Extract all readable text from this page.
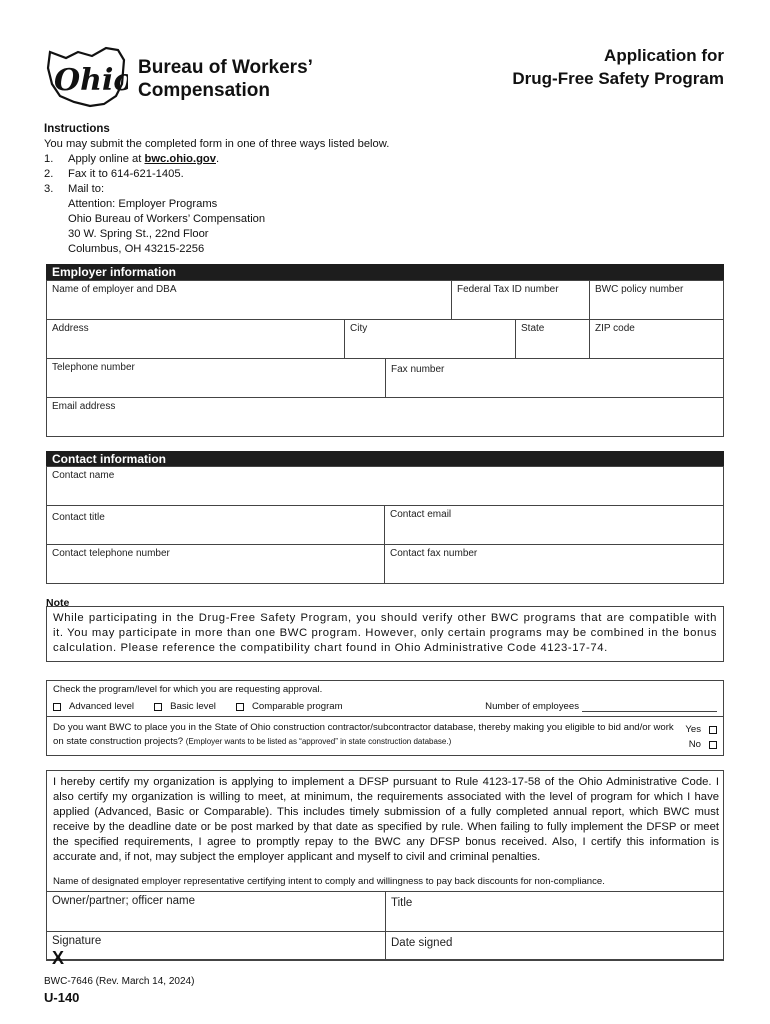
Ohio Bureau of Workers’
Compensation
Application for
Drug-Free Safety Program
Instructions

You may submit the completed form in one of three ways listed below.

1. Apply online at bwc.ohio.gov.
2. Fax it to 614-621-1405.
3. Mail to:
Attention: Employer Programs
Ohio Bureau of Workers’ Compensation
30 W. Spring St., 22nd Floor
Columbus, OH 43215-2256
Employer information
Name of employer and DBA	Federal Tax ID number	BWC policy number
Address	City	State	ZIP code
Telephone number	Fax number
Email address
Contact information
Contact name
Contact title	Contact email
Contact telephone number	Contact fax number
Note
While participating in the Drug-Free Safety Program, you should verify other BWC programs that are compatible with it. You may participate in more than one BWC program. However, only certain programs may be combined in the bonus calculation. Please reference the compatibility chart found in Ohio Administrative Code 4123-17-74.
Check the program/level for which you are requesting approval.
Advanced level	Basic level	Comparable program	Number of employees
Do you want BWC to place you in the State of Ohio construction contractor/subcontractor database, thereby making you eligible to bid and/or work on state construction projects? (Employer wants to be listed as “approved” in state construction database.)
Yes
No
I hereby certify my organization is applying to implement a DFSP pursuant to Rule 4123-17-58 of the Ohio Administrative Code. I also certify my organization is willing to meet, at minimum, the requirements associated with the level of program for which I have applied (Advanced, Basic or Comparable). This includes timely submission of a fully completed annual report, which BWC must receive by the deadline date or be post marked by that date as specified by rule. When failing to fully implement the DFSP or meet the specified requirements, I agree to promptly repay to the BWC any DFSP bonus received. Also, I certify this information is accurate and, if not, may subject the employer applicant and myself to civil and criminal penalties.
Name of designated employer representative certifying intent to comply and willingness to pay back discounts for non-compliance.
Owner/partner; officer name	Title
Signature	Date signed
X
BWC-7646 (Rev. March 14, 2024)
U-140
